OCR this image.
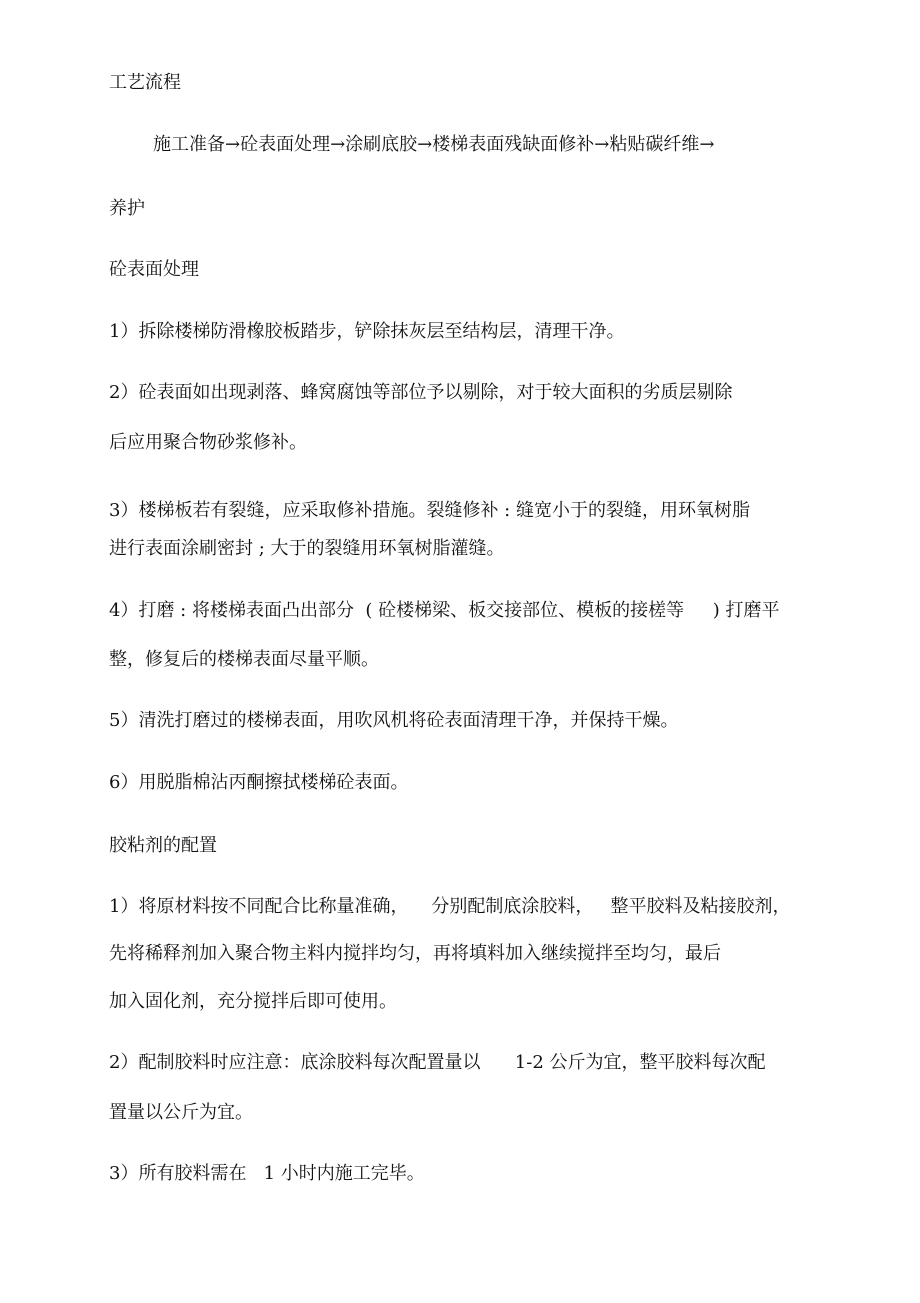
工艺流程
施工准备→砼表面处理→涂刷底胶→楼梯表面残缺面修补→粘贴碳纤维→
养护
砼表面处理
1）拆除楼梯防滑橡胶板踏步，铲除抹灰层至结构层，清理干净。
2）砼表面如出现剥落、蜂窝腐蚀等部位予以剔除，对于较大面积的劣质层剔除
后应用聚合物砂浆修补。
3）楼梯板若有裂缝，应采取修补措施。裂缝修补 : 缝宽小于的裂缝，用环氧树脂
进行表面涂刷密封 ; 大于的裂缝用环氧树脂灌缝。
4）打磨 : 将楼梯表面凸出部分  ( 砼楼梯梁、板交接部位、模板的接槎等     ) 打磨平
整，修复后的楼梯表面尽量平顺。
5）清洗打磨过的楼梯表面，用吹风机将砼表面清理干净，并保持干燥。
6）用脱脂棉沾丙酮擦拭楼梯砼表面。
胶粘剂的配置
1）将原材料按不同配合比称量准确，    分别配制底涂胶料，   整平胶料及粘接胶剂，
先将稀释剂加入聚合物主料内搅拌均匀，再将填料加入继续搅拌至均匀，最后
加入固化剂，充分搅拌后即可使用。
2）配制胶料时应注意：底涂胶料每次配置量以      1-2 公斤为宜，整平胶料每次配
置量以公斤为宜。
3）所有胶料需在   1 小时内施工完毕。
